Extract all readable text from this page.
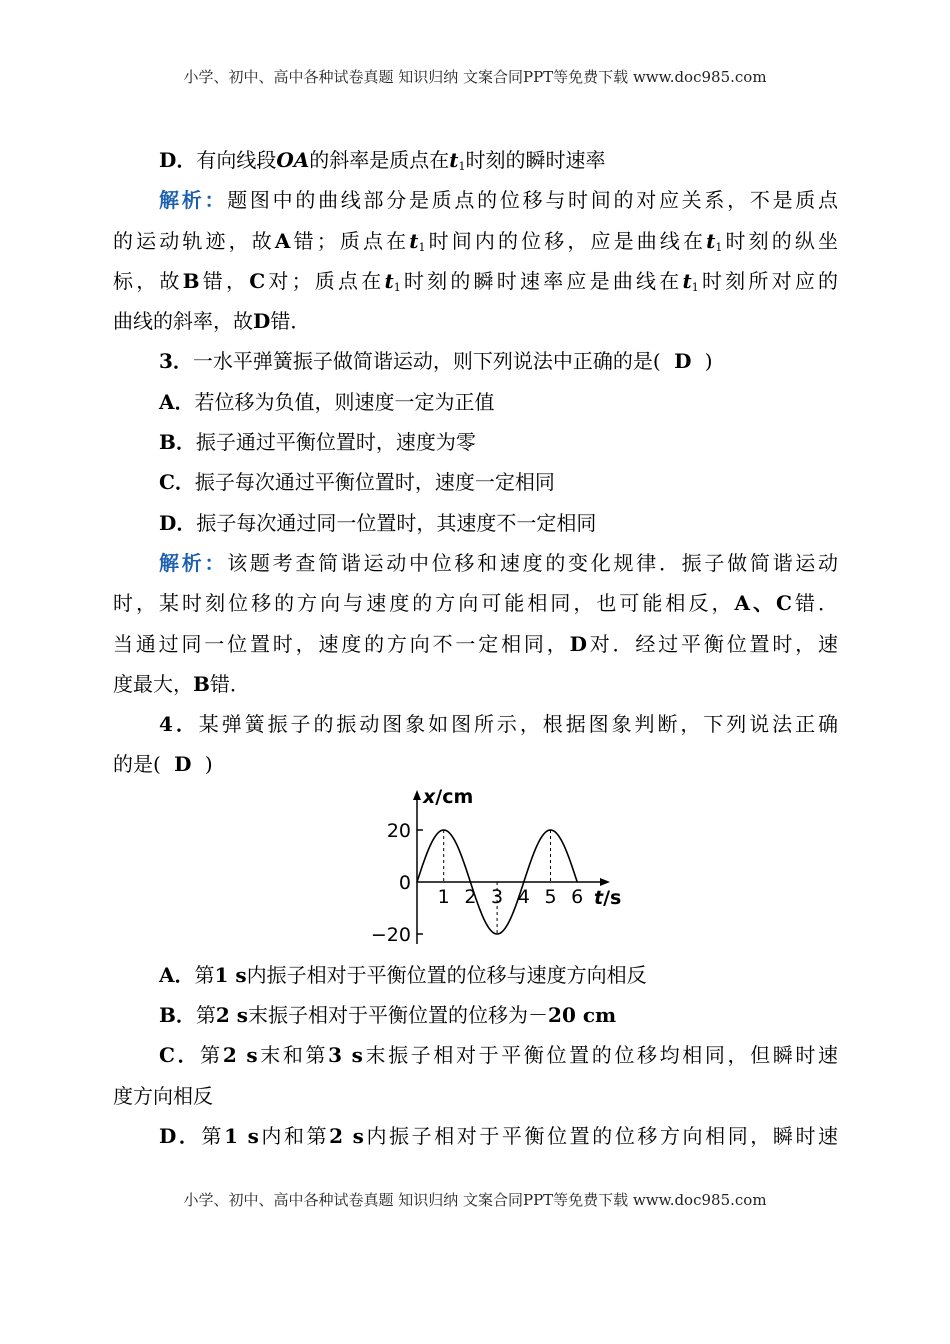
小学、初中、高中各种试卷真题 知识归纳 文案合同PPT等免费下载 www.doc985.com
D．有向线段OA的斜率是质点在$t_1$时刻的瞬时速率
解析：题图中的曲线部分是质点的位移与时间的对应关系，不是质点
的运动轨迹，故A错；质点在$t_1$时间内的位移，应是曲线在$t_1$时刻的纵坐
标，故B错，C对；质点在$t_1$时刻的瞬时速率应是曲线在$t_1$时刻所对应的
曲线的斜率，故D错．
3．一水平弹簧振子做简谐运动，则下列说法中正确的是( D )
A．若位移为负值，则速度一定为正值
B．振子通过平衡位置时，速度为零
C．振子每次通过平衡位置时，速度一定相同
D．振子每次通过同一位置时，其速度不一定相同
解析：该题考查简谐运动中位移和速度的变化规律．振子做简谐运动
时，某时刻位移的方向与速度的方向可能相同，也可能相反，A、C错．
当通过同一位置时，速度的方向不一定相同，D对．经过平衡位置时，速
度最大，B错．
4．某弹簧振子的振动图象如图所示，根据图象判断，下列说法正确
的是( D )
1 2 3 4 5 6
x/cm
t/s
20
0
−20
A．第1 s内振子相对于平衡位置的位移与速度方向相反
B．第2 s末振子相对于平衡位置的位移为－20 cm
C．第2 s末和第3 s末振子相对于平衡位置的位移均相同，但瞬时速
度方向相反
D．第1 s内和第2 s内振子相对于平衡位置的位移方向相同，瞬时速
小学、初中、高中各种试卷真题 知识归纳 文案合同PPT等免费下载 www.doc985.com
